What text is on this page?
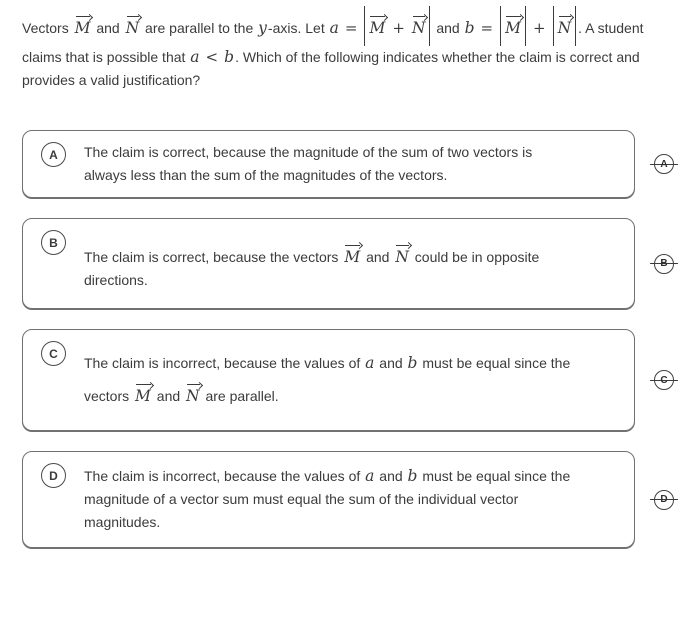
Vectors
M and
N are parallel to the y-axis. Let a = M + N and b = M + N . A student claims that is possible that a < b. Which of the following indicates whether the claim is correct and provides a valid justification?
A	The claim is correct, because the magnitude of the sum of two vectors is always less than the sum of the magnitudes of the vectors.
A
B
The claim is correct, because the vectors
M and
N could be in opposite directions.
B
C
The claim is incorrect, because the values of a and b must be equal since the vectors
M and
N are parallel.
C
D	The claim is incorrect, because the values of a and b must be equal since the magnitude of a vector sum must equal the sum of the individual vector magnitudes.
D
